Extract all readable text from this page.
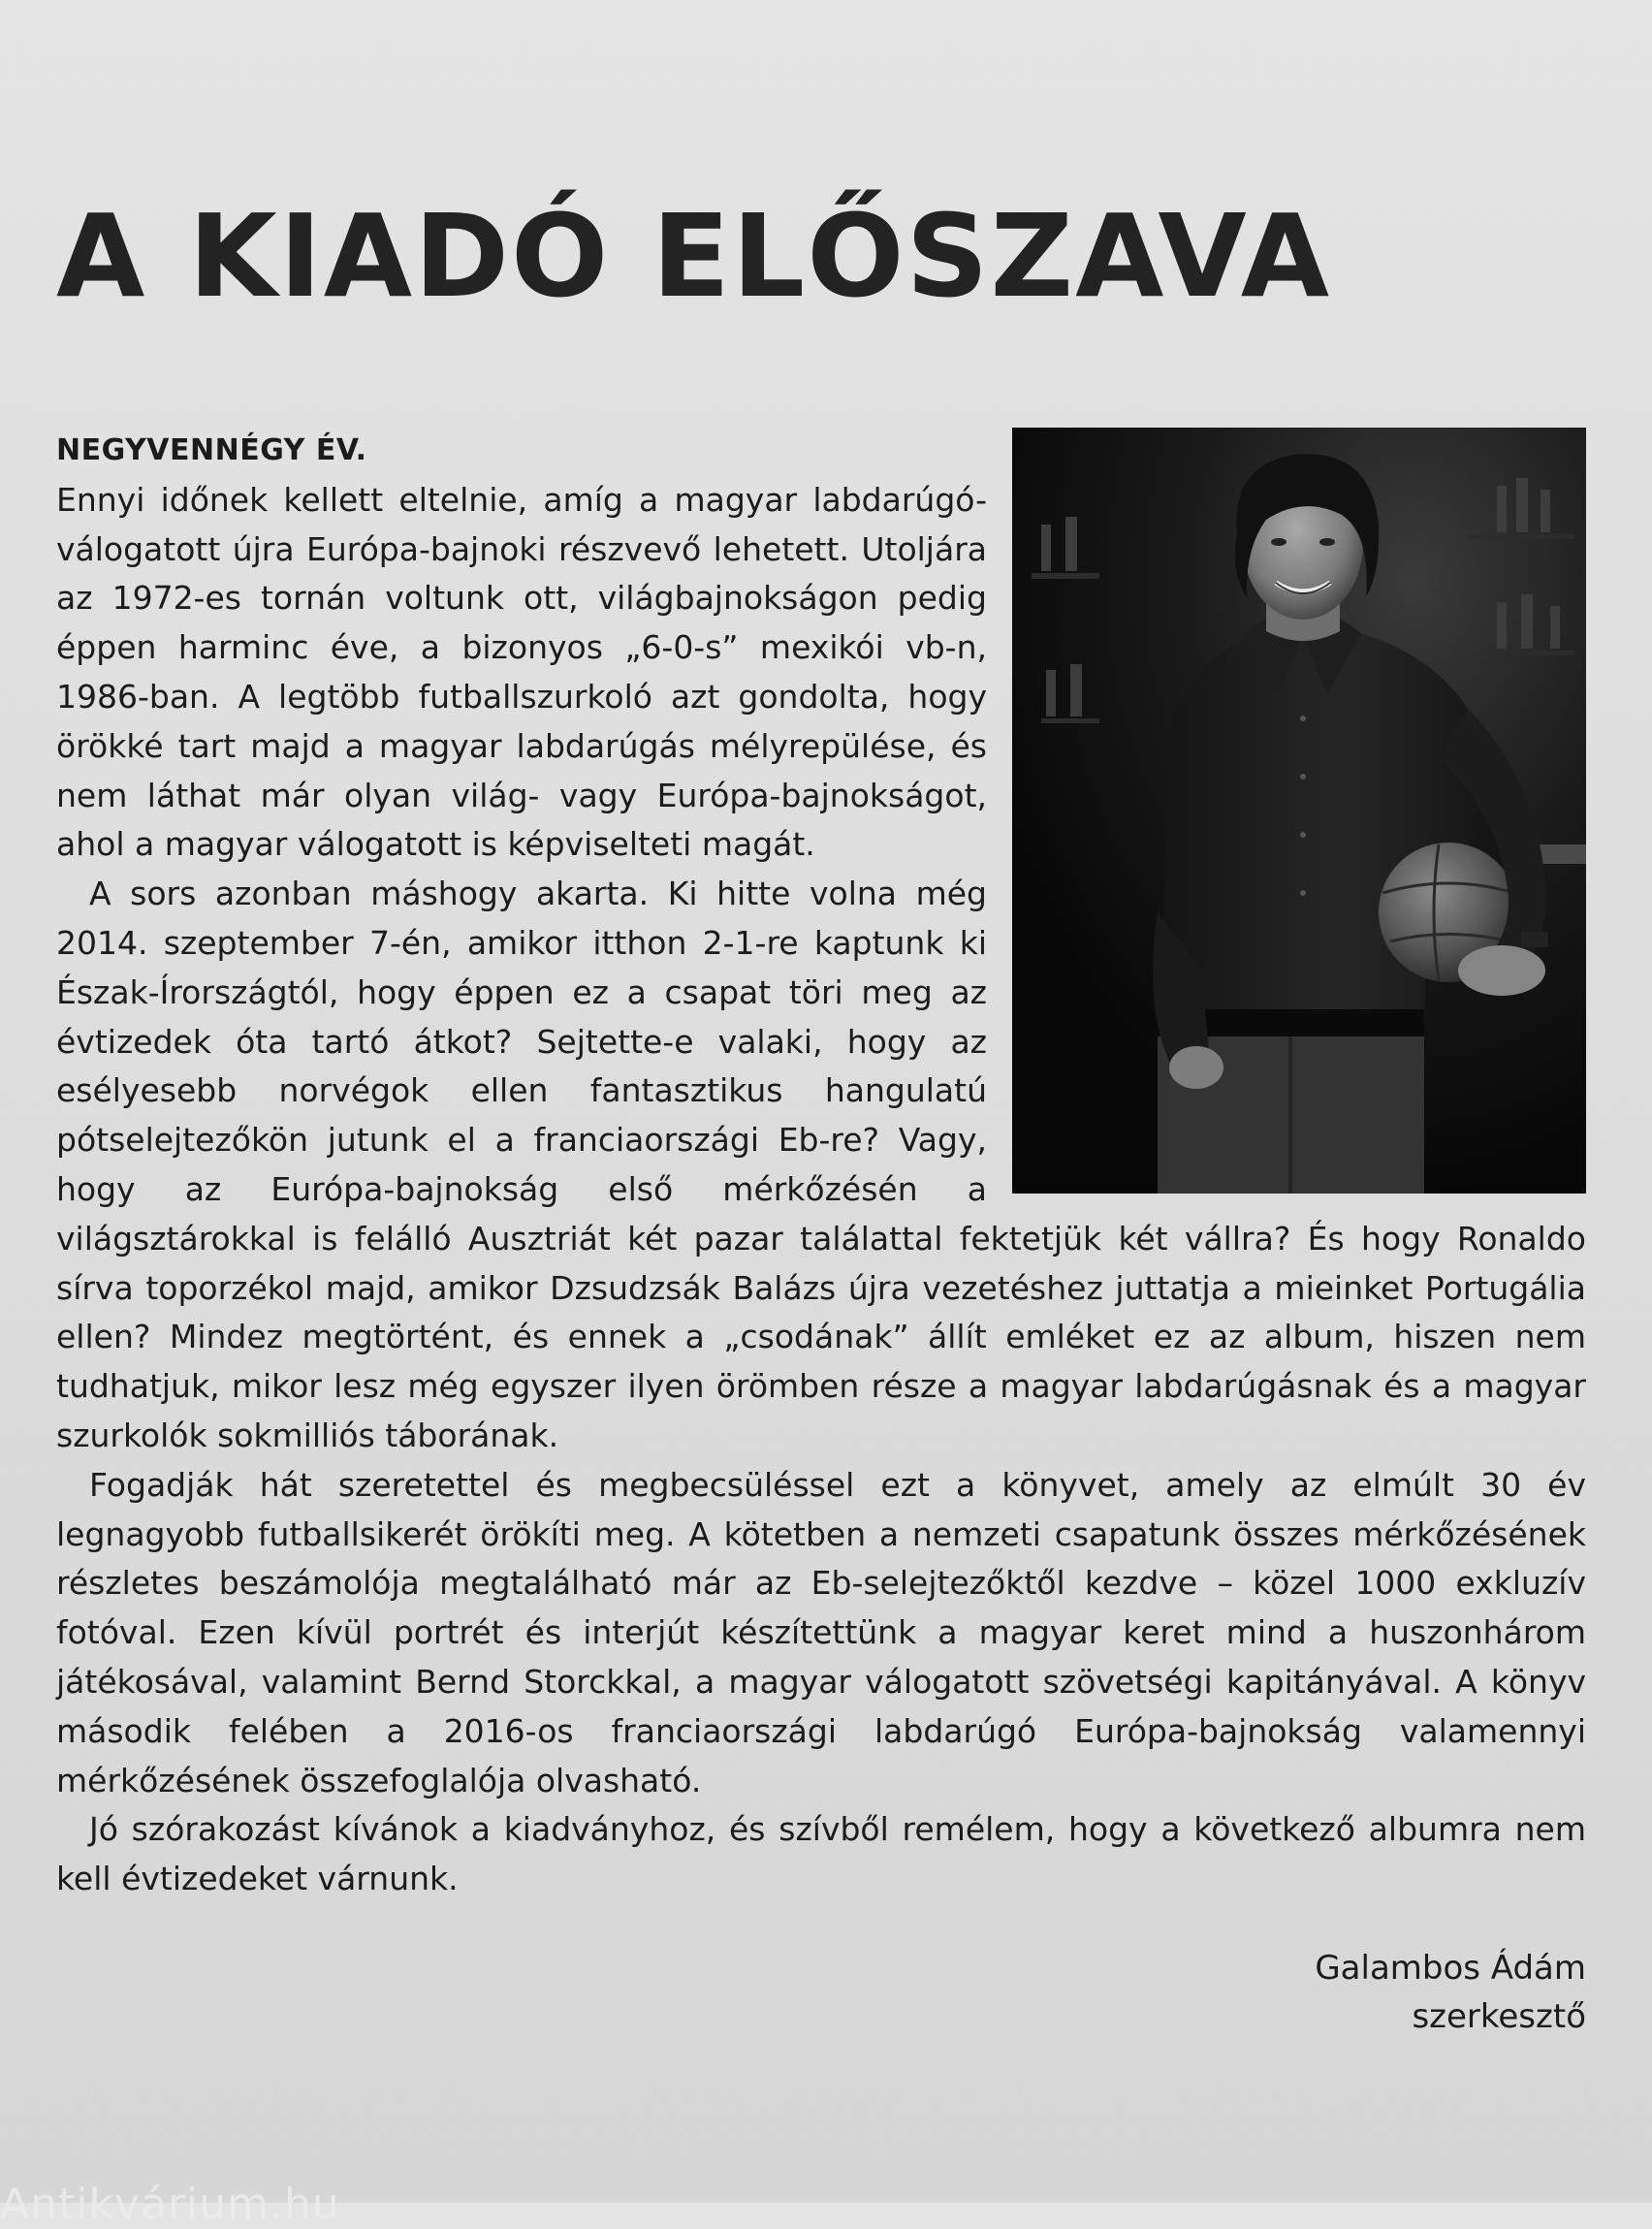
A KIADÓ ELŐSZAVA
NEGYVENNÉGY ÉV.

Ennyi időnek kellett eltelnie, amíg a magyar labdarúgó-válogatott újra Európa-bajnoki részvevő lehetett. Utoljára az 1972-es tornán voltunk ott, világbajnokságon pedig éppen harminc éve, a bizonyos „6-0-s” mexikói vb-n, 1986-ban. A legtöbb futballszurkoló azt gondolta, hogy örökké tart majd a magyar labdarúgás mélyrepülése, és nem láthat már olyan világ- vagy Európa-bajnokságot, ahol a magyar válogatott is képviselteti magát.

A sors azonban máshogy akarta. Ki hitte volna még 2014. szeptember 7-én, amikor itthon 2-1-re kaptunk ki Észak-Írországtól, hogy éppen ez a csapat töri meg az évtizedek óta tartó átkot? Sejtette-e valaki, hogy az esélyesebb norvégok ellen fantasztikus hangulatú pótselejtezőkön jutunk el a franciaországi Eb-re? Vagy, hogy az Európa-bajnokság első mérkőzésén a világsztárokkal is felálló Ausztriát két pazar találattal fektetjük két vállra? És hogy Ronaldo sírva toporzékol majd, amikor Dzsudzsák Balázs újra vezetéshez juttatja a mieinket Portugália ellen? Mindez megtörtént, és ennek a „csodának” állít emléket ez az album, hiszen nem tudhatjuk, mikor lesz még egyszer ilyen örömben része a magyar labdarúgásnak és a magyar szurkolók sokmilliós táborának.

Fogadják hát szeretettel és megbecsüléssel ezt a könyvet, amely az elmúlt 30 év legnagyobb futballsikerét örökíti meg. A kötetben a nemzeti csapatunk összes mérkőzésének részletes beszámolója megtalálható már az Eb-selejtezőktől kezdve – közel 1000 exkluzív fotóval. Ezen kívül portrét és interjút készítettünk a magyar keret mind a huszonhárom játékosával, valamint Bernd Storckkal, a magyar válogatott szövetségi kapitányával. A könyv második felében a 2016-os franciaországi labdarúgó Európa-bajnokság valamennyi mérkőzésének összefoglalója olvasható.

Jó szórakozást kívánok a kiadványhoz, és szívből remélem, hogy a következő albumra nem kell évtizedeket várnunk.

Galambos Ádám
szerkesztő
Antikvárium.hu
